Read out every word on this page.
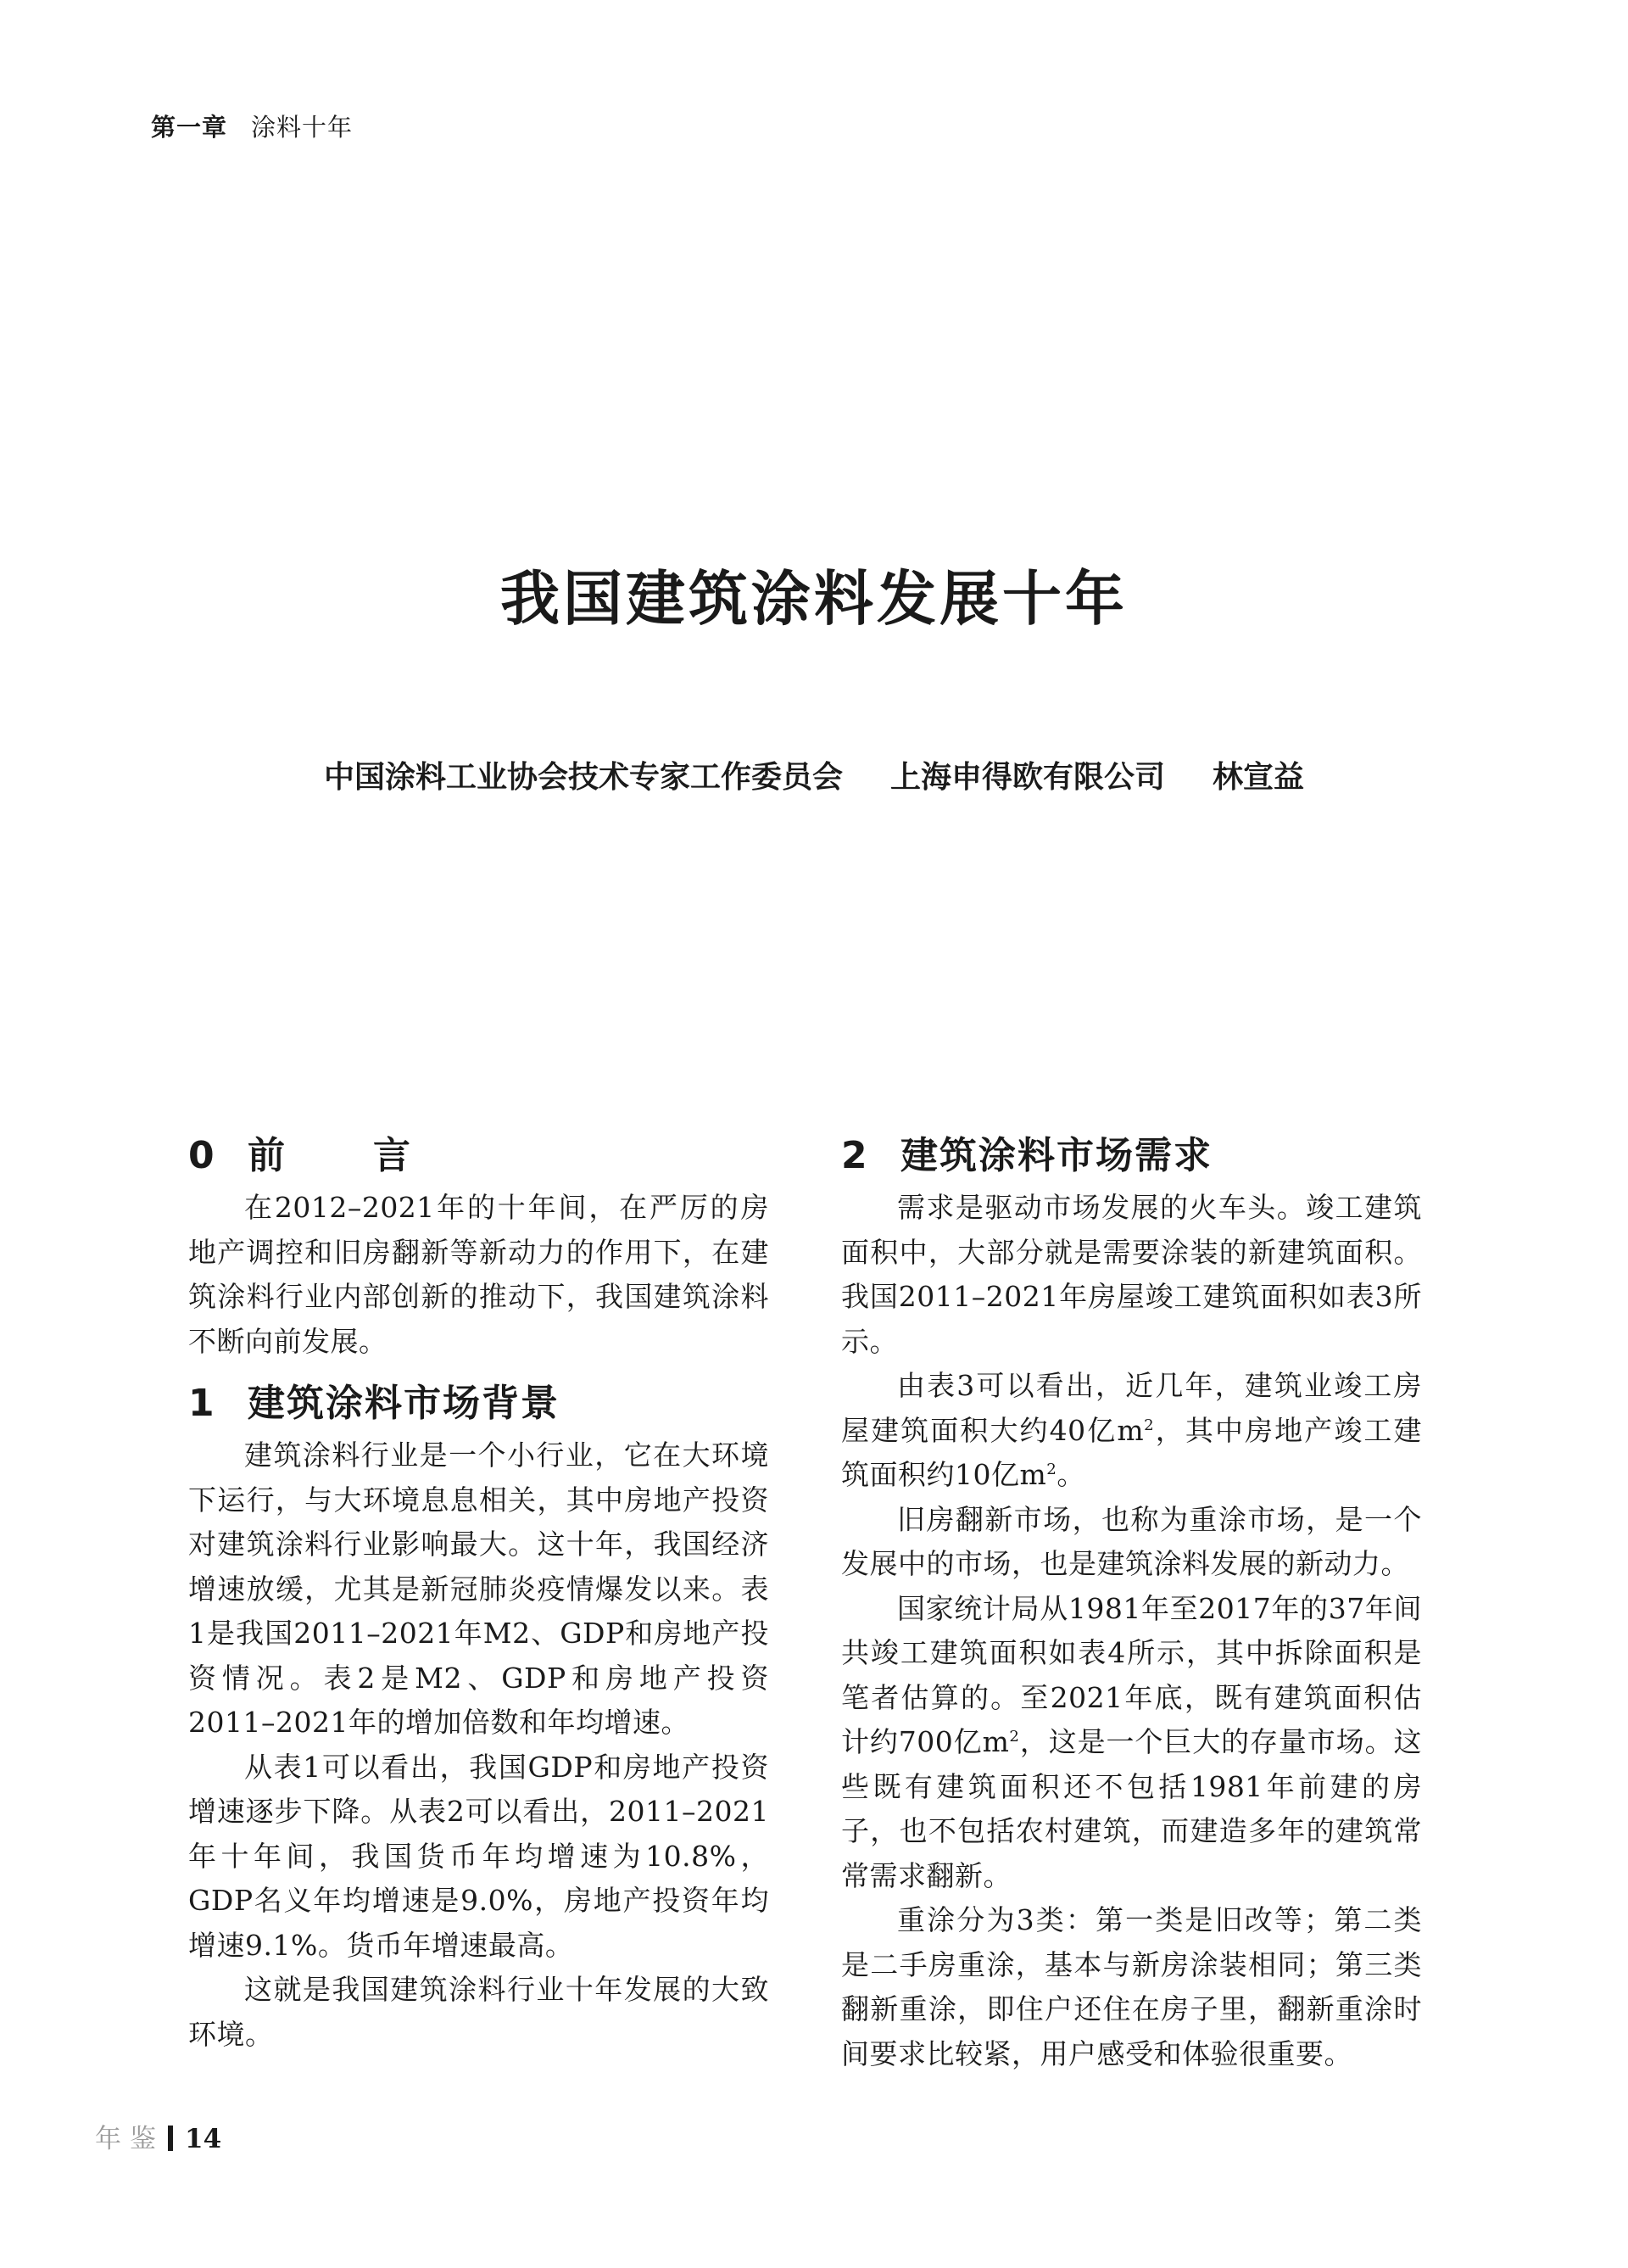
第一章 涂料十年
我国建筑涂料发展十年
中国涂料工业协会技术专家工作委员会 上海申得欧有限公司 林宣益
0 前　言

在2012–2021年的十年间，在严厉的房地产调控和旧房翻新等新动力的作用下，在建筑涂料行业内部创新的推动下，我国建筑涂料不断向前发展。

1 建筑涂料市场背景

建筑涂料行业是一个小行业，它在大环境下运行，与大环境息息相关，其中房地产投资对建筑涂料行业影响最大。这十年，我国经济增速放缓，尤其是新冠肺炎疫情爆发以来。表1是我国2011–2021年M2、GDP和房地产投资情况。表2是M2、GDP和房地产投资2011–2021年的增加倍数和年均增速。

从表1可以看出，我国GDP和房地产投资增速逐步下降。从表2可以看出，2011–2021年十年间，我国货币年均增速为10.8%，GDP名义年均增速是9.0%，房地产投资年均增速9.1%。货币年增速最高。

这就是我国建筑涂料行业十年发展的大致环境。

2 建筑涂料市场需求

需求是驱动市场发展的火车头。竣工建筑面积中，大部分就是需要涂装的新建筑面积。我国2011–2021年房屋竣工建筑面积如表3所示。

由表3可以看出，近几年，建筑业竣工房屋建筑面积大约40亿$m^2$，其中房地产竣工建筑面积约10亿$m^2$。

旧房翻新市场，也称为重涂市场，是一个发展中的市场，也是建筑涂料发展的新动力。

国家统计局从1981年至2017年的37年间共竣工建筑面积如表4所示，其中拆除面积是笔者估算的。至2021年底，既有建筑面积估计约700亿$m^2$，这是一个巨大的存量市场。这些既有建筑面积还不包括1981年前建的房子，也不包括农村建筑，而建造多年的建筑常常需求翻新。

重涂分为3类：第一类是旧改等；第二类是二手房重涂，基本与新房涂装相同；第三类翻新重涂，即住户还住在房子里，翻新重涂时间要求比较紧，用户感受和体验很重要。

年鉴 14
